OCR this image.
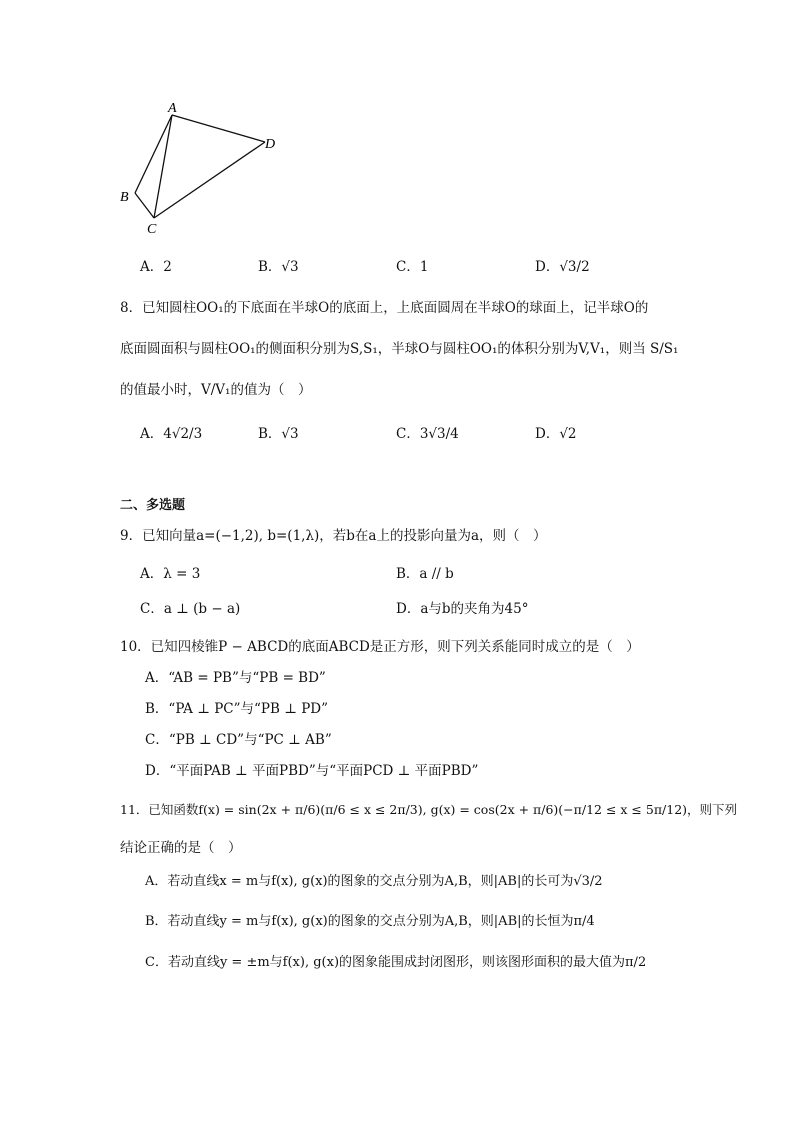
A
D
B
C
A．2	B．√3	C．1	D．√3/2
8．已知圆柱OO₁的下底面在半球O的底面上，上底面圆周在半球O的球面上，记半球O的
底面圆面积与圆柱OO₁的侧面积分别为S,S₁，半球O与圆柱OO₁的体积分别为V,V₁，则当 S/S₁
的值最小时，V/V₁的值为（　）
A．4√2/3	B．√3	C．3√3/4	D．√2
二、多选题
9．已知向量a=(−1,2), b=(1,λ)，若b在a上的投影向量为a，则（　）
A．λ = 3	B．a // b
C．a ⊥ (b − a)	D．a与b的夹角为45°
10．已知四棱锥P − ABCD的底面ABCD是正方形，则下列关系能同时成立的是（　）
A．“AB = PB”与“PB = BD”
B．“PA ⊥ PC”与“PB ⊥ PD”
C．“PB ⊥ CD”与“PC ⊥ AB”
D．“平面PAB ⊥ 平面PBD”与“平面PCD ⊥ 平面PBD”
11．已知函数f(x) = sin(2x + π/6)(π/6 ≤ x ≤ 2π/3), g(x) = cos(2x + π/6)(−π/12 ≤ x ≤ 5π/12)，则下列
结论正确的是（　）
A．若动直线x = m与f(x), g(x)的图象的交点分别为A,B，则|AB|的长可为√3/2
B．若动直线y = m与f(x), g(x)的图象的交点分别为A,B，则|AB|的长恒为π/4
C．若动直线y = ±m与f(x), g(x)的图象能围成封闭图形，则该图形面积的最大值为π/2
